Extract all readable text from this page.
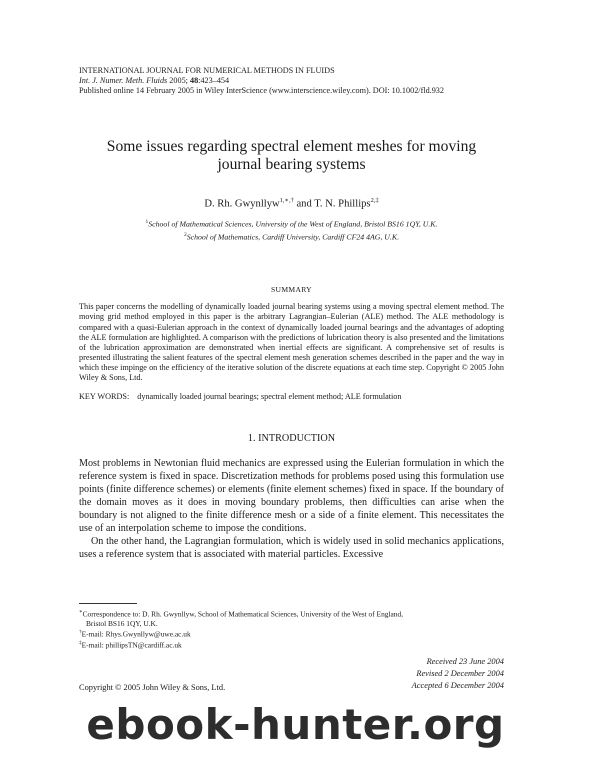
INTERNATIONAL JOURNAL FOR NUMERICAL METHODS IN FLUIDS
Int. J. Numer. Meth. Fluids 2005; 48:423–454
Published online 14 February 2005 in Wiley InterScience (www.interscience.wiley.com). DOI: 10.1002/fld.932
Some issues regarding spectral element meshes for moving journal bearing systems
D. Rh. Gwynllyw$^{1,∗,\dagger}$ and T. N. Phillips$^{2,\ddagger}$
$^1$School of Mathematical Sciences, University of the West of England, Bristol BS16 1QY, U.K.
$^2$School of Mathematics, Cardiff University, Cardiff CF24 4AG, U.K.
SUMMARY
This paper concerns the modelling of dynamically loaded journal bearing systems using a moving spectral element method. The moving grid method employed in this paper is the arbitrary Lagrangian–Eulerian (ALE) method. The ALE methodology is compared with a quasi-Eulerian approach in the context of dynamically loaded journal bearings and the advantages of adopting the ALE formulation are highlighted. A comparison with the predictions of lubrication theory is also presented and the limitations of the lubrication approximation are demonstrated when inertial effects are significant. A comprehensive set of results is presented illustrating the salient features of the spectral element mesh generation schemes described in the paper and the way in which these impinge on the efficiency of the iterative solution of the discrete equations at each time step. Copyright © 2005 John Wiley & Sons, Ltd.
KEY WORDS: dynamically loaded journal bearings; spectral element method; ALE formulation
1. INTRODUCTION

Most problems in Newtonian fluid mechanics are expressed using the Eulerian formulation in which the reference system is fixed in space. Discretization methods for problems posed using this formulation use points (finite difference schemes) or elements (finite element schemes) fixed in space. If the boundary of the domain moves as it does in moving boundary problems, then difficulties can arise when the boundary is not aligned to the finite difference mesh or a side of a finite element. This necessitates the use of an interpolation scheme to impose the conditions.

On the other hand, the Lagrangian formulation, which is widely used in solid mechanics applications, uses a reference system that is associated with material particles. Excessive

∗Correspondence to: D. Rh. Gwynllyw, School of Mathematical Sciences, University of the West of England,
Bristol BS16 1QY, U.K.
†E-mail: Rhys.Gwynllyw@uwe.ac.uk
‡E-mail: phillipsTN@cardiff.ac.uk
Received 23 June 2004
Revised 2 December 2004
Accepted 6 December 2004
Copyright © 2005 John Wiley & Sons, Ltd.
ebook-hunter.org
